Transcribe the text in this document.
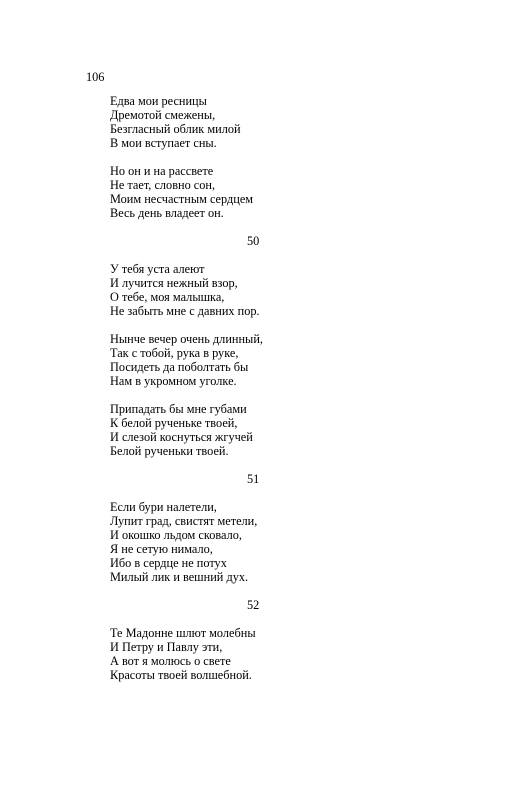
106
Едва мои ресницы
Дремотой смежены,
Безгласный облик милой
В мои вступает сны.
Но он и на рассвете
Не тает, словно сон,
Моим несчастным сердцем
Весь день владеет он.
50
У тебя уста алеют
И лучится нежный взор,
О тебе, моя малышка,
Не забыть мне с давних пор.
Нынче вечер очень длинный,
Так с тобой, рука в руке,
Посидеть да поболтать бы
Нам в укромном уголке.
Припадать бы мне губами
К белой рученьке твоей,
И слезой коснуться жгучей
Белой рученьки твоей.
51
Если бури налетели,
Лупит град, свистят метели,
И окошко льдом сковало,
Я не сетую нимало,
Ибо в сердце не потух
Милый лик и вешний дух.
52
Те Мадонне шлют молебны
И Петру и Павлу эти,
А вот я молюсь о свете
Красоты твоей волшебной.
